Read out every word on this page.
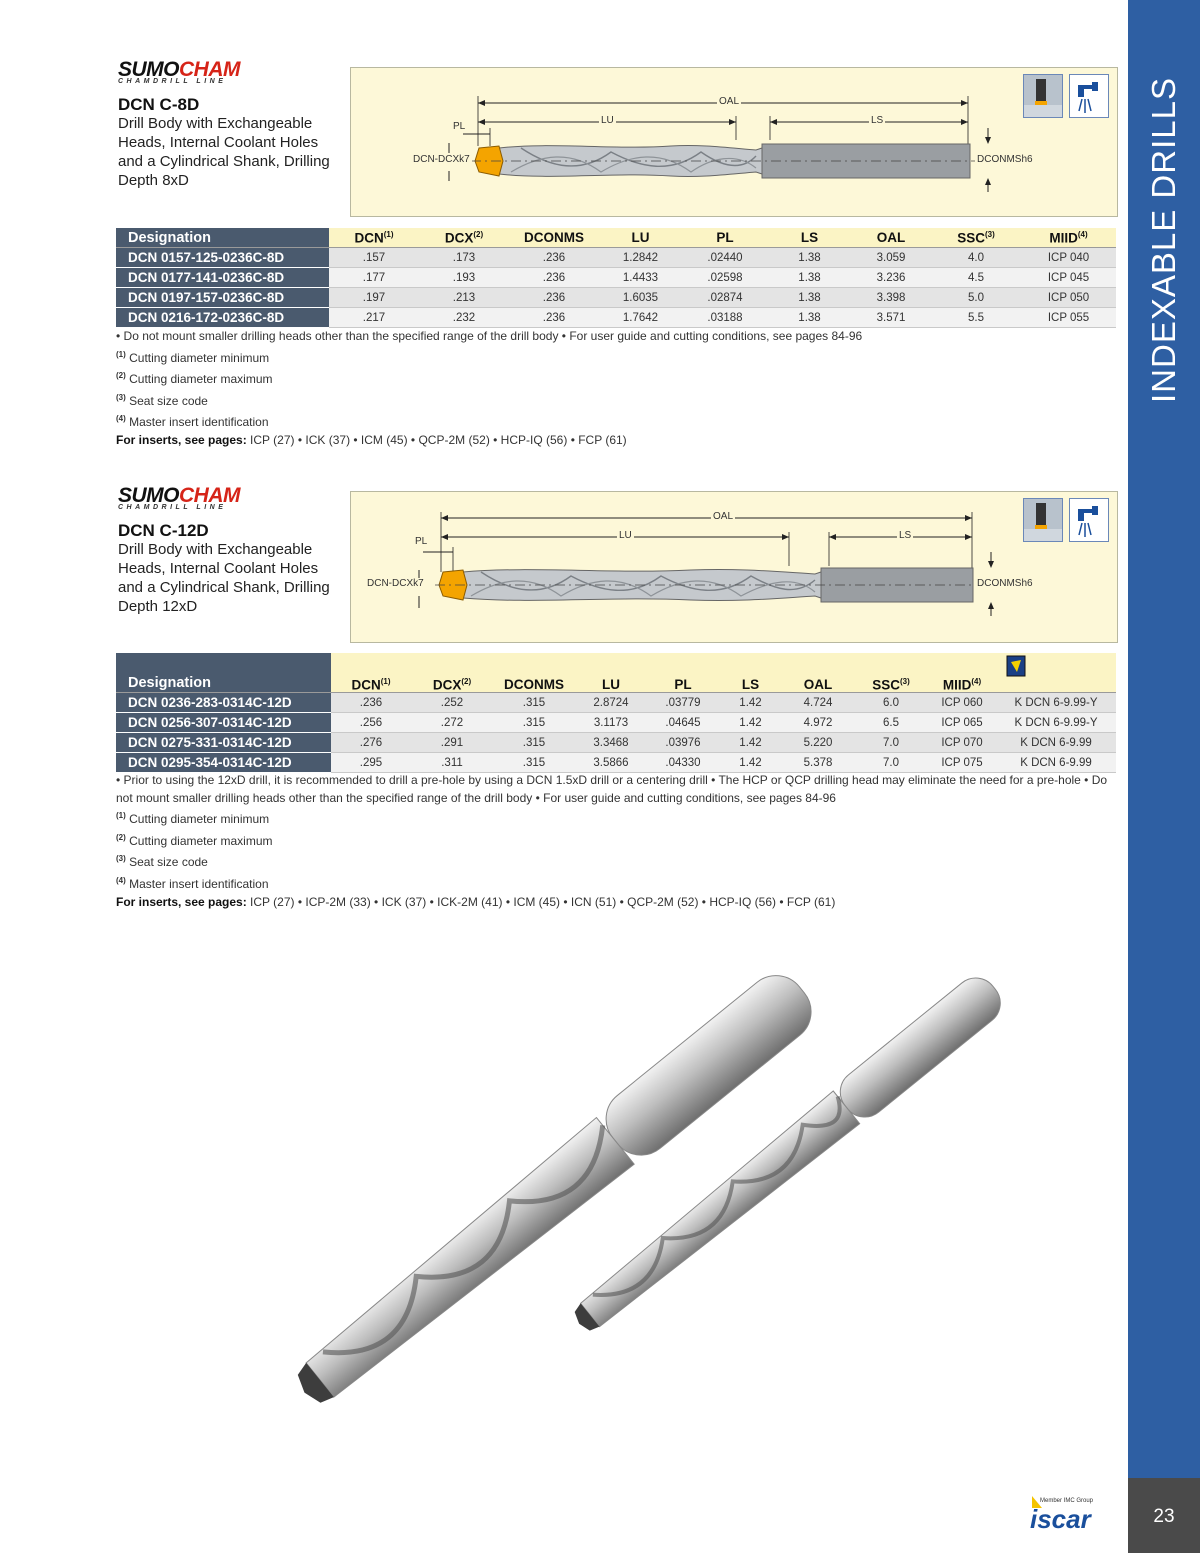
INDEXABLE DRILLS
23
SUMOCHAM
CHAMDRILL LINE
DCN C-8D
Drill Body with Exchangeable Heads, Internal Coolant Holes and a Cylindrical Shank, Drilling Depth 8xD
OAL
LU	LS
PL
DCN-DCXk7	DCONMSh6
Designation	DCN$^{(1)}$	DCX$^{(2)}$	DCONMS	LU	PL	LS	OAL	SSC$^{(3)}$	MIID$^{(4)}$
DCN 0157-125-0236C-8D	.157	.173	.236	1.2842	.02440	1.38	3.059	4.0	ICP 040
DCN 0177-141-0236C-8D	.177	.193	.236	1.4433	.02598	1.38	3.236	4.5	ICP 045
DCN 0197-157-0236C-8D	.197	.213	.236	1.6035	.02874	1.38	3.398	5.0	ICP 050
DCN 0216-172-0236C-8D	.217	.232	.236	1.7642	.03188	1.38	3.571	5.5	ICP 055
• Do not mount smaller drilling heads other than the specified range of the drill body • For user guide and cutting conditions, see pages 84-96
$^{(1)}$ Cutting diameter minimum
$^{(2)}$ Cutting diameter maximum
$^{(3)}$ Seat size code
$^{(4)}$ Master insert identification
For inserts, see pages: ICP (27) • ICK (37) • ICM (45) • QCP-2M (52) • HCP-IQ (56) • FCP (61)
SUMOCHAM
CHAMDRILL LINE
DCN C-12D
Drill Body with Exchangeable Heads, Internal Coolant Holes and a Cylindrical Shank, Drilling Depth 12xD
OAL
LU	LS
PL
DCN-DCXk7	DCONMSh6
Designation	DCN$^{(1)}$	DCX$^{(2)}$	DCONMS	LU	PL	LS	OAL	SSC$^{(3)}$	MIID$^{(4)}$	
DCN 0236-283-0314C-12D	.236	.252	.315	2.8724	.03779	1.42	4.724	6.0	ICP 060	K DCN 6-9.99-Y
DCN 0256-307-0314C-12D	.256	.272	.315	3.1173	.04645	1.42	4.972	6.5	ICP 065	K DCN 6-9.99-Y
DCN 0275-331-0314C-12D	.276	.291	.315	3.3468	.03976	1.42	5.220	7.0	ICP 070	K DCN 6-9.99
DCN 0295-354-0314C-12D	.295	.311	.315	3.5866	.04330	1.42	5.378	7.0	ICP 075	K DCN 6-9.99
• Prior to using the 12xD drill, it is recommended to drill a pre-hole by using a DCN 1.5xD drill or a centering drill • The HCP or QCP drilling head may eliminate the need for a pre-hole • Do not mount smaller drilling heads other than the specified range of the drill body • For user guide and cutting conditions, see pages 84-96
$^{(1)}$ Cutting diameter minimum
$^{(2)}$ Cutting diameter maximum
$^{(3)}$ Seat size code
$^{(4)}$ Master insert identification
For inserts, see pages: ICP (27) • ICP-2M (33) • ICK (37) • ICK-2M (41) • ICM (45) • ICN (51) • QCP-2M (52) • HCP-IQ (56) • FCP (61)
Member IMC Group
iscar
